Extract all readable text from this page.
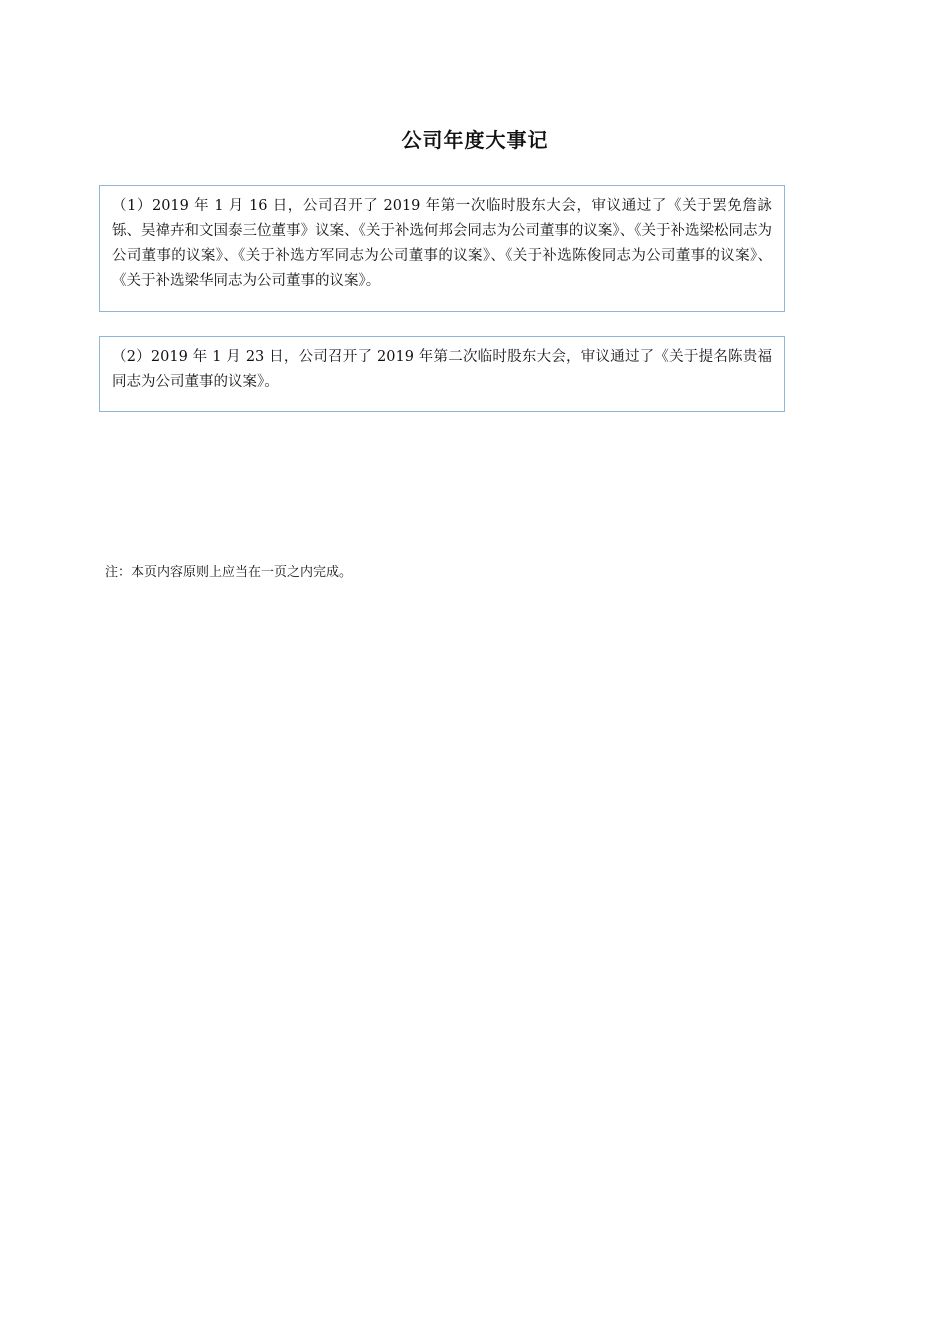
公司年度大事记
（1）2019 年 1 月 16 日，公司召开了 2019 年第一次临时股东大会，审议通过了《关于罢免詹詠铄、吴禕卉和文国泰三位董事》议案、《关于补选何邦会同志为公司董事的议案》、《关于补选梁松同志为公司董事的议案》、《关于补选方军同志为公司董事的议案》、《关于补选陈俊同志为公司董事的议案》、《关于补选梁华同志为公司董事的议案》。
（2）2019 年 1 月 23 日，公司召开了 2019 年第二次临时股东大会，审议通过了《关于提名陈贵福同志为公司董事的议案》。
注：本页内容原则上应当在一页之内完成。
